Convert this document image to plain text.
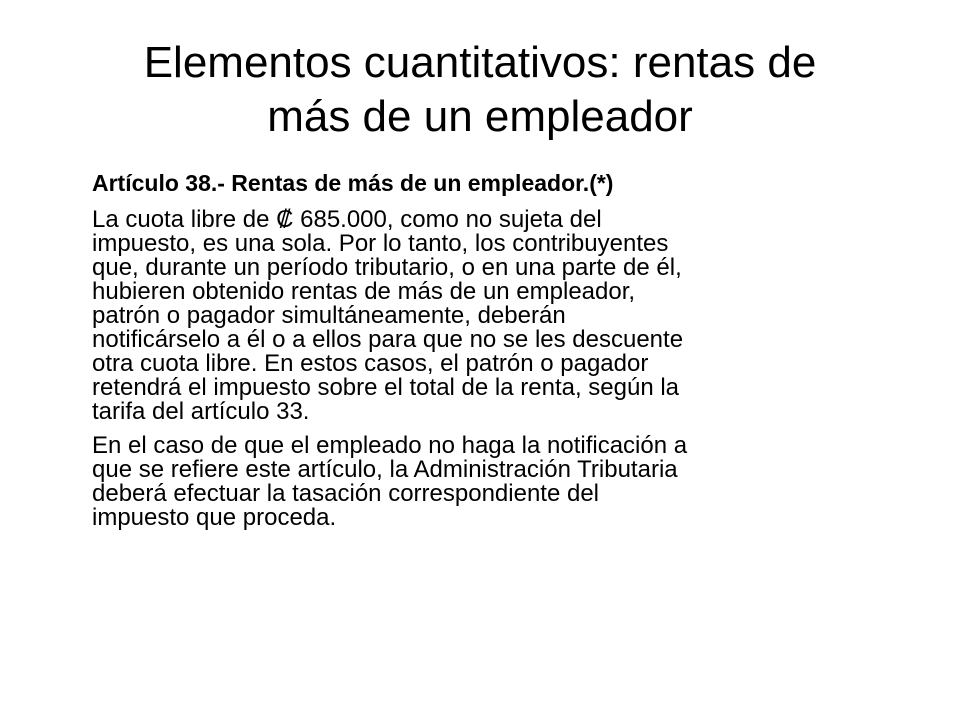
Elementos cuantitativos: rentas de
más de un empleador

Artículo 38.- Rentas de más de un empleador.(*)

La cuota libre de ₡ 685.000, como no sujeta del
impuesto, es una sola. Por lo tanto, los contribuyentes
que, durante un período tributario, o en una parte de él,
hubieren obtenido rentas de más de un empleador,
patrón o pagador simultáneamente, deberán
notificárselo a él o a ellos para que no se les descuente
otra cuota libre. En estos casos, el patrón o pagador
retendrá el impuesto sobre el total de la renta, según la
tarifa del artículo 33.

En el caso de que el empleado no haga la notificación a
que se refiere este artículo, la Administración Tributaria
deberá efectuar la tasación correspondiente del
impuesto que proceda.
